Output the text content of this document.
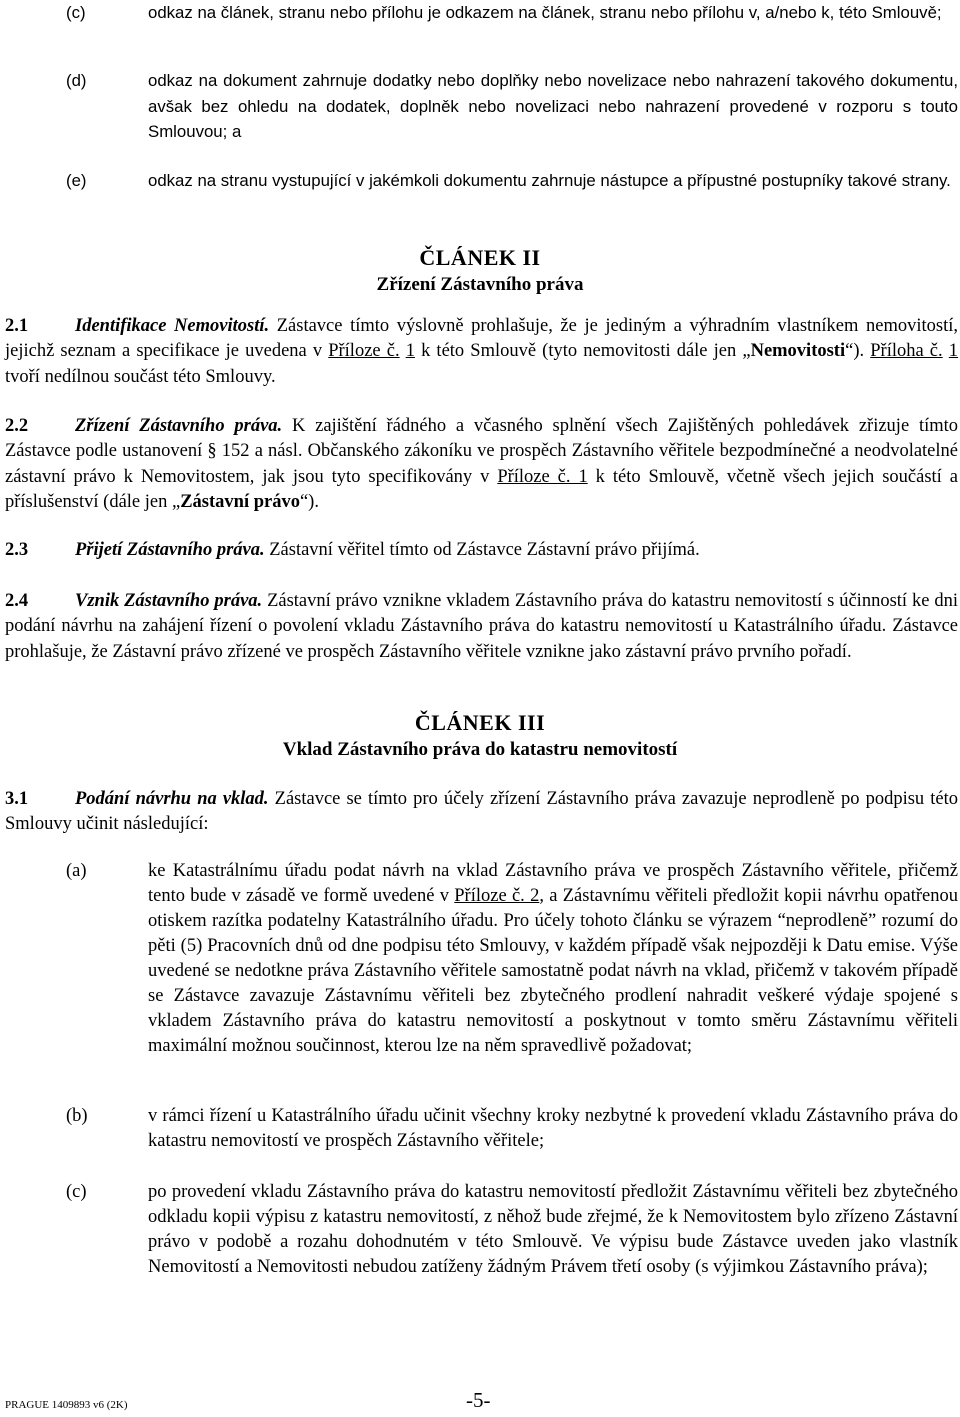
(c)	odkaz na článek, stranu nebo přílohu je odkazem na článek, stranu nebo přílohu v, a/nebo k, této Smlouvě;
(d)	odkaz na dokument zahrnuje dodatky nebo doplňky nebo novelizace nebo nahrazení takového dokumentu, avšak bez ohledu na dodatek, doplněk nebo novelizaci nebo nahrazení provedené v rozporu s touto Smlouvou; a
(e)	odkaz na stranu vystupující v jakémkoli dokumentu zahrnuje nástupce a přípustné postupníky takové strany.
ČLÁNEK II
Zřízení Zástavního práva
2.1	Identifikace Nemovitostí. Zástavce tímto výslovně prohlašuje, že je jediným a výhradním vlastníkem nemovitostí, jejichž seznam a specifikace je uvedena v Příloze č. 1 k této Smlouvě (tyto nemovitosti dále jen „Nemovitosti“). Příloha č. 1 tvoří nedílnou součást této Smlouvy.
2.2	Zřízení Zástavního práva. K zajištění řádného a včasného splnění všech Zajištěných pohledávek zřizuje tímto Zástavce podle ustanovení § 152 a násl. Občanského zákoníku ve prospěch Zástavního věřitele bezpodmínečné a neodvolatelné zástavní právo k Nemovitostem, jak jsou tyto specifikovány v Příloze č. 1 k této Smlouvě, včetně všech jejich součástí a příslušenství (dále jen „Zástavní právo“).
2.3	Přijetí Zástavního práva. Zástavní věřitel tímto od Zástavce Zástavní právo přijímá.
2.4	Vznik Zástavního práva. Zástavní právo vznikne vkladem Zástavního práva do katastru nemovitostí s účinností ke dni podání návrhu na zahájení řízení o povolení vkladu Zástavního práva do katastru nemovitostí u Katastrálního úřadu. Zástavce prohlašuje, že Zástavní právo zřízené ve prospěch Zástavního věřitele vznikne jako zástavní právo prvního pořadí.
ČLÁNEK III
Vklad Zástavního práva do katastru nemovitostí
3.1	Podání návrhu na vklad. Zástavce se tímto pro účely zřízení Zástavního práva zavazuje neprodleně po podpisu této Smlouvy učinit následující:
(a)	ke Katastrálnímu úřadu podat návrh na vklad Zástavního práva ve prospěch Zástavního věřitele, přičemž tento bude v zásadě ve formě uvedené v Příloze č. 2, a Zástavnímu věřiteli předložit kopii návrhu opatřenou otiskem razítka podatelny Katastrálního úřadu. Pro účely tohoto článku se výrazem “neprodleně” rozumí do pěti (5) Pracovních dnů od dne podpisu této Smlouvy, v každém případě však nejpozději k Datu emise. Výše uvedené se nedotkne práva Zástavního věřitele samostatně podat návrh na vklad, přičemž v takovém případě se Zástavce zavazuje Zástavnímu věřiteli bez zbytečného prodlení nahradit veškeré výdaje spojené s vkladem Zástavního práva do katastru nemovitostí a poskytnout v tomto směru Zástavnímu věřiteli maximální možnou součinnost, kterou lze na něm spravedlivě požadovat;
(b)	v rámci řízení u Katastrálního úřadu učinit všechny kroky nezbytné k provedení vkladu Zástavního práva do katastru nemovitostí ve prospěch Zástavního věřitele;
(c)	po provedení vkladu Zástavního práva do katastru nemovitostí předložit Zástavnímu věřiteli bez zbytečného odkladu kopii výpisu z katastru nemovitostí, z něhož bude zřejmé, že k Nemovitostem bylo zřízeno Zástavní právo v podobě a rozahu dohodnutém v této Smlouvě. Ve výpisu bude Zástavce uveden jako vlastník Nemovitostí a Nemovitosti nebudou zatíženy žádným Právem třetí osoby (s výjimkou Zástavního práva);
PRAGUE 1409893 v6 (2K)	-5-
